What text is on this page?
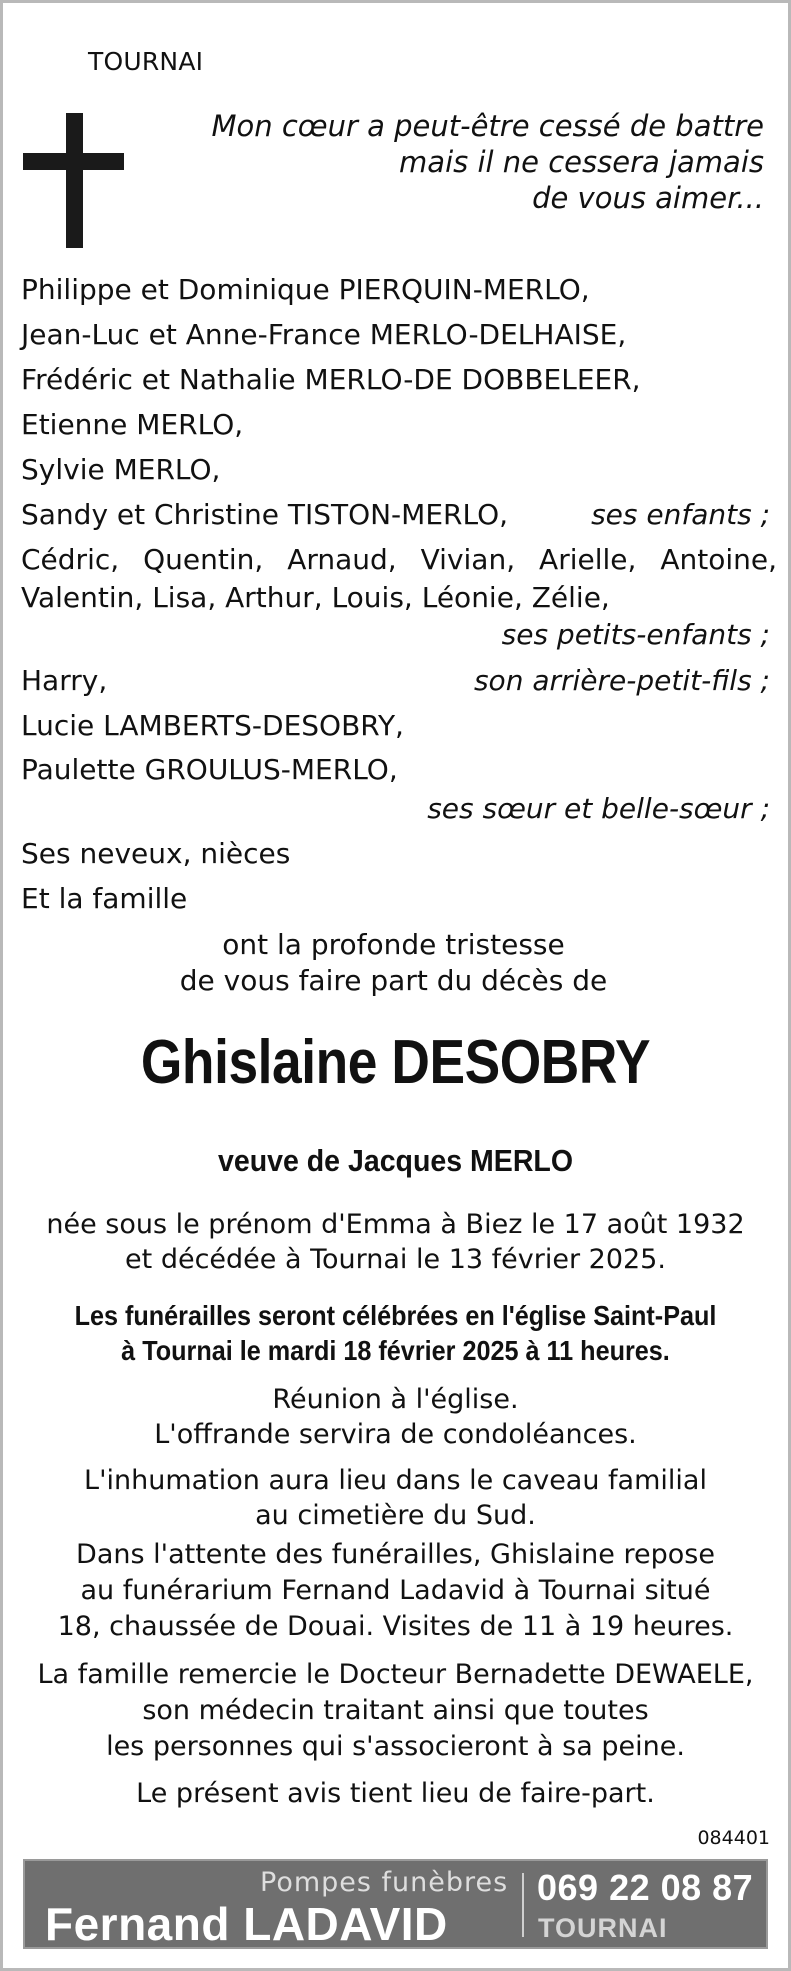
TOURNAI
Mon cœur a peut-être cessé de battre
mais il ne cessera jamais
de vous aimer...
Philippe et Dominique PIERQUIN-MERLO,
Jean-Luc et Anne-France MERLO-DELHAISE,
Frédéric et Nathalie MERLO-DE DOBBELEER,
Etienne MERLO,
Sylvie MERLO,
Sandy et Christine TISTON-MERLO,	ses enfants ;
Cédric, Quentin, Arnaud, Vivian, Arielle, Antoine,
Valentin, Lisa, Arthur, Louis, Léonie, Zélie,
ses petits-enfants ;
Harry,	son arrière-petit-fils ;
Lucie LAMBERTS-DESOBRY,
Paulette GROULUS-MERLO,
ses sœur et belle-sœur ;
Ses neveux, nièces
Et la famille
ont la profonde tristesse
de vous faire part du décès de
Ghislaine DESOBRY
veuve de Jacques MERLO
née sous le prénom d'Emma à Biez le 17 août 1932
et décédée à Tournai le 13 février 2025.
Les funérailles seront célébrées en l'église Saint-Paul
à Tournai le mardi 18 février 2025 à 11 heures.
Réunion à l'église.
L'offrande servira de condoléances.
L'inhumation aura lieu dans le caveau familial
au cimetière du Sud.
Dans l'attente des funérailles, Ghislaine repose
au funérarium Fernand Ladavid à Tournai situé
18, chaussée de Douai. Visites de 11 à 19 heures.
La famille remercie le Docteur Bernadette DEWAELE,
son médecin traitant ainsi que toutes
les personnes qui s'associeront à sa peine.
Le présent avis tient lieu de faire-part.
084401
Pompes funèbres
Fernand LADAVID
069 22 08 87
TOURNAI
